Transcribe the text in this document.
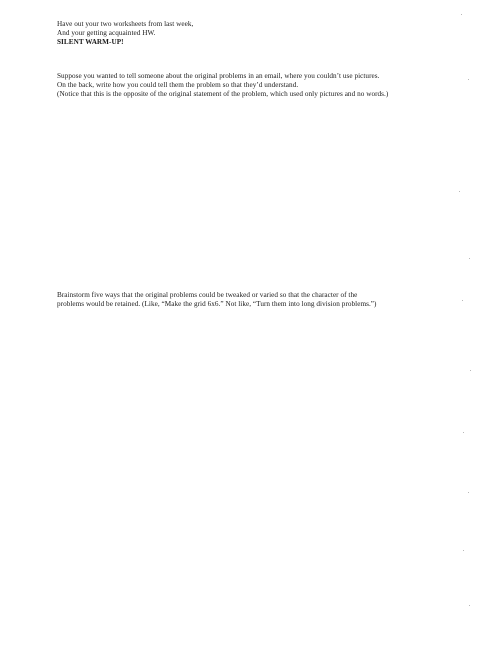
Have out your two worksheets from last week,
And your getting acquainted HW.
SILENT WARM-UP!
Suppose you wanted to tell someone about the original problems in an email, where you couldn’t use pictures.
On the back, write how you could tell them the problem so that they’d understand.
(Notice that this is the opposite of the original statement of the problem, which used only pictures and no words.)
Brainstorm five ways that the original problems could be tweaked or varied so that the character of the
problems would be retained. (Like, “Make the grid 6x6.” Not like, “Turn them into long division problems.”)
